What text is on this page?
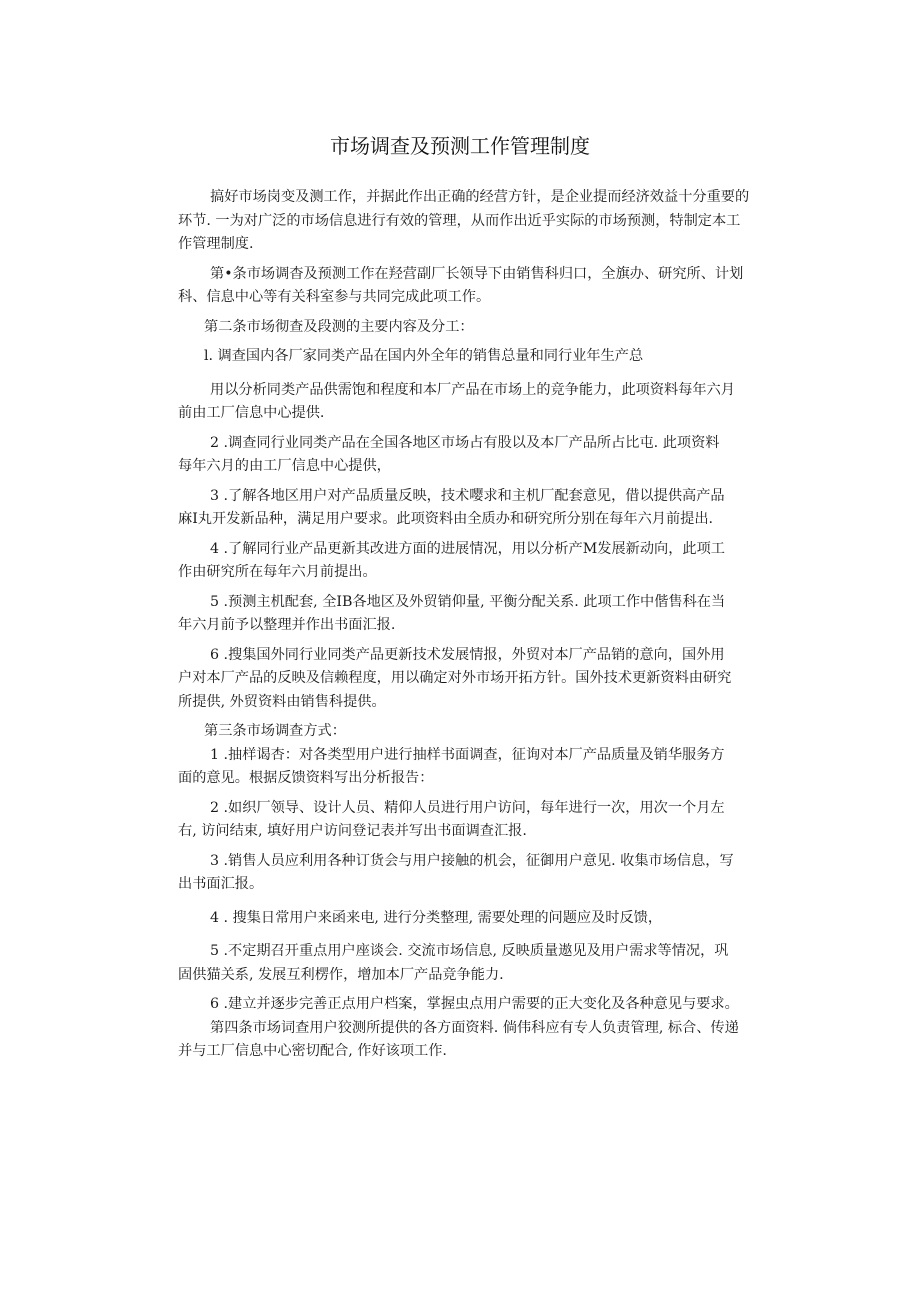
市场调查及预测工作管理制度
搞好市场岗变及测工作，并据此作出正确的经营方针，是企业提而经济效益十分重要的
环节. 一为对广泛的市场信息进行有效的管理，从而作出近乎实际的市场预测，特制定本工
作管理制度.
第•条市场调杳及预测工作在羟营副厂长领导下由销售科归口，全旗办、研究所、计划
科、信息中心等有关科室参与共同完成此项工作。
第二条市场彻查及段测的主要内容及分工：
l. 调查国内各厂家同类产品在国内外全年的销售总量和同行业年生产总
用以分析同类产品供需饱和程度和本厂产品在市场上的竞争能力，此项资料每年六月
前由工厂信息中心提供.
2 .调查同行业同类产品在全国各地区市场占有股以及本厂产品所占比屯. 此项资料
每年六月的由工厂信息中心提供，
3 .了解各地区用户对产品质量反映，技术嘤求和主机厂配套意见，借以提供高产品
麻I丸开发新品种，满足用户要求。此项资料由全质办和研究所分别在每年六月前提出.
4 .了解同行业产品更新其改进方面的进展情况，用以分析产M发展新动向，此项工
作由研究所在每年六月前提出。
5 .预测主机配套, 全IB各地区及外贸销仰量, 平衡分配关系. 此项工作中偕售科在当
年六月前予以整理并作出书面汇报.
6 .搜集国外同行业同类产品更新技术发展情报，外贸对本厂产品销的意向，国外用
户对本厂产品的反映及信赖程度，用以确定对外市场开拓方针。国外技术更新资料由研究
所提供, 外贸资料由销售科提供。
第三条市场调查方式：
1 .抽样谒杏：对各类型用户进行抽样书面调查，征询对本厂产品质量及销华服务方
面的意见。根据反馈资料写出分析报告：
2 .如织厂领导、设计人员、精仰人员进行用户访问，每年进行一次，用次一个月左
右, 访问结束, 填好用户访问登记表并写出书面调查汇报.
3 .销售人员应利用各种订货会与用户接触的机会，征御用户意见. 收集市场信息，写
出书面汇报。
4 . 搜集日常用户来函来电, 进行分类整理, 需要处理的问题应及时反馈，
5 .不定期召开重点用户座谈会. 交流市场信息, 反映质量遨见及用户需求等情况，巩
固供猫关系, 发展互利楞作，增加本厂产品竞争能力.
6 .建立并逐步完善正点用户档案，掌握虫点用户需要的正大变化及各种意见与要求。
第四条市场词查用户狡测所提供的各方面资料. 倘伟科应有专人负责管理, 标合、传递
并与工厂信息中心密切配合, 作好该项工作.
